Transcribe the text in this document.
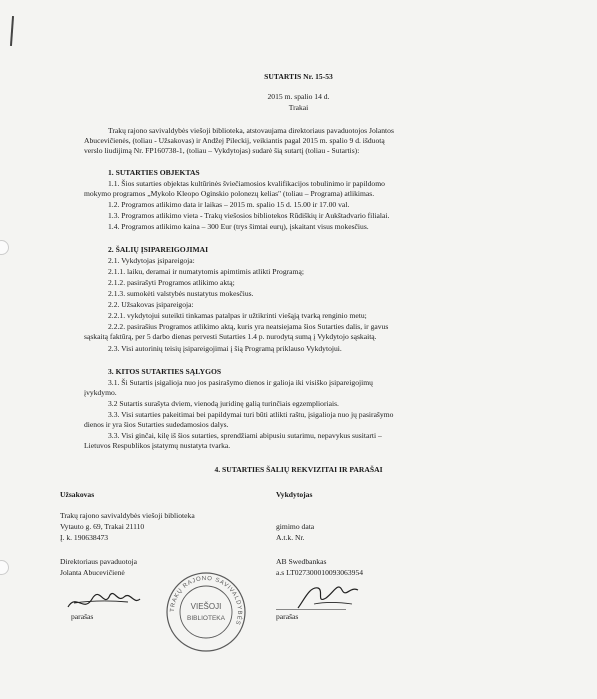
SUTARTIS Nr. 15-53
2015 m. spalio 14 d.
Trakai
Trakų rajono savivaldybės viešoji biblioteka, atstovaujama direktoriaus pavaduotojos Jolantos
Abucevičienės, (toliau - Užsakovas) ir Andžej Pileckij, veikiantis pagal 2015 m. spalio 9 d. išduotą
verslo liudijimą Nr. FP160738-1, (toliau – Vykdytojas) sudarė šią sutartį (toliau - Sutartis):
1. SUTARTIES OBJEKTAS
1.1. Šios sutarties objektas kultūrinės šviečiamosios kvalifikacijos tobulinimo ir papildomo
mokymo programos „Mykolo Kleopo Oginskio polonezų kelias" (toliau – Programa) atlikimas.
1.2. Programos atlikimo data ir laikas – 2015 m. spalio 15 d. 15.00 ir 17.00 val.
1.3. Programos atlikimo vieta - Trakų viešosios bibliotekos Rūdiškių ir Aukštadvario filialai.
1.4. Programos atlikimo kaina – 300 Eur (trys šimtai eurų), įskaitant visus mokesčius.
2. ŠALIŲ ĮSIPAREIGOJIMAI
2.1. Vykdytojas įsipareigoja:
2.1.1. laiku, deramai ir numatytomis apimtimis atlikti Programą;
2.1.2. pasirašyti Programos atlikimo aktą;
2.1.3. sumokėti valstybės nustatytus mokesčius.
2.2. Užsakovas įsipareigoja:
2.2.1. vykdytojui suteikti tinkamas patalpas ir užtikrinti viešąją tvarką renginio metu;
2.2.2. pasirašius Programos atlikimo aktą, kuris yra neatsiejama šios Sutarties dalis, ir gavus
sąskaitą faktūrą, per 5 darbo dienas pervesti Sutarties 1.4 p. nurodytą sumą į Vykdytojo sąskaitą.
2.3. Visi autorinių teisių įsipareigojimai į šią Programą priklauso Vykdytojui.
3. KITOS SUTARTIES SĄLYGOS
3.1. Ši Sutartis įsigalioja nuo jos pasirašymo dienos ir galioja iki visiško įsipareigojimų
įvykdymo.
3.2 Sutartis surašyta dviem, vienodą juridinę galią turinčiais egzemplioriais.
3.3. Visi sutarties pakeitimai bei papildymai turi būti atlikti raštu, įsigalioja nuo jų pasirašymo
dienos ir yra šios Sutarties sudedamosios dalys.
3.3. Visi ginčai, kilę iš šios sutarties, sprendžiami abipusiu sutarimu, nepavykus susitarti –
Lietuvos Respublikos įstatymų nustatyta tvarka.
4. SUTARTIES ŠALIŲ REKVIZITAI IR PARAŠAI
Užsakovas
Trakų rajono savivaldybės viešoji biblioteka
Vytauto g. 69, Trakai 21110
Į. k. 190638473
Direktoriaus pavaduotoja
Jolanta Abucevičienė
parašas
Vykdytojas
gimimo data
A.t.k. Nr.
AB Swedbankas
a.s LT027300010093063954
parašas
TRAKŲ RAJONO SAVIVALDYBĖS
VIEŠOJI
BIBLIOTEKA
